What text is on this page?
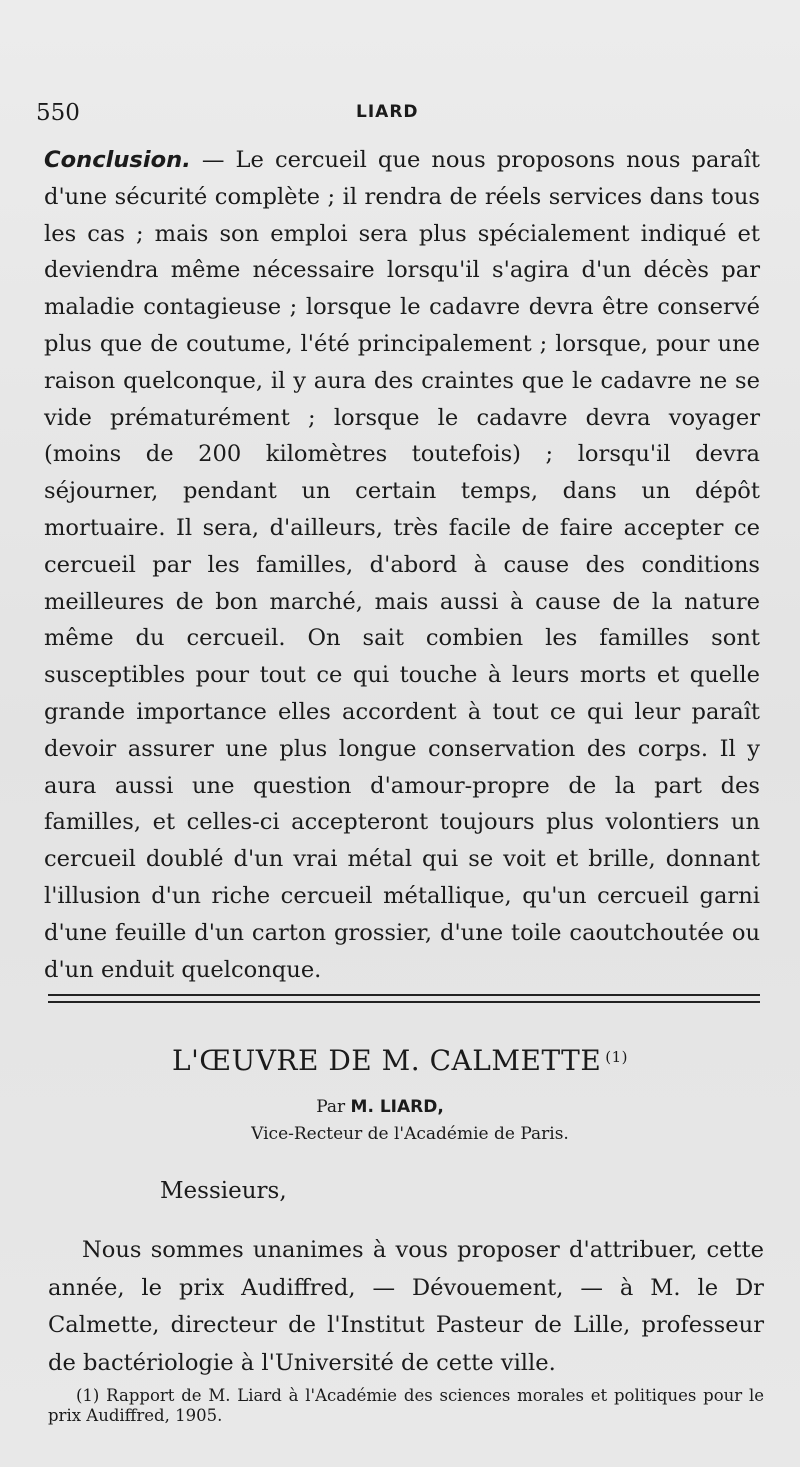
550	LIARD

Conclusion. — Le cercueil que nous proposons nous paraît d'une sécurité complète ; il rendra de réels services dans tous les cas ; mais son emploi sera plus spécialement indiqué et deviendra même nécessaire lorsqu'il s'agira d'un décès par maladie contagieuse ; lorsque le cadavre devra être conservé plus que de coutume, l'été principalement ; lorsque, pour une raison quelconque, il y aura des craintes que le cadavre ne se vide prématurément ; lorsque le cadavre devra voyager (moins de 200 kilomètres toutefois) ; lorsqu'il devra séjourner, pendant un certain temps, dans un dépôt mortuaire. Il sera, d'ailleurs, très facile de faire accepter ce cercueil par les familles, d'abord à cause des conditions meilleures de bon marché, mais aussi à cause de la nature même du cercueil. On sait combien les familles sont susceptibles pour tout ce qui touche à leurs morts et quelle grande importance elles accordent à tout ce qui leur paraît devoir assurer une plus longue conservation des corps. Il y aura aussi une question d'amour-propre de la part des familles, et celles-ci accepteront toujours plus volontiers un cercueil doublé d'un vrai métal qui se voit et brille, donnant l'illusion d'un riche cercueil métallique, qu'un cercueil garni d'une feuille d'un carton grossier, d'une toile caoutchoutée ou d'un enduit quelconque.

L'ŒUVRE DE M. CALMETTE $^{(1)}$
Par M. LIARD,
Vice-Recteur de l'Académie de Paris.
Messieurs,

Nous sommes unanimes à vous proposer d'attribuer, cette année, le prix Audiffred, — Dévouement, — à M. le Dr Calmette, directeur de l'Institut Pasteur de Lille, professeur de bactériologie à l'Université de cette ville.

(1) Rapport de M. Liard à l'Académie des sciences morales et politiques pour le prix Audiffred, 1905.
